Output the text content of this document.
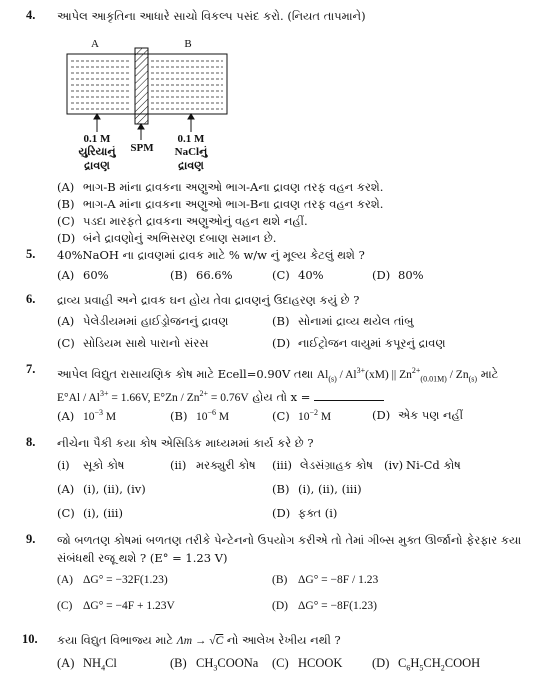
4. આપેલ આકૃતિના આધારે સાચો વિકલ્પ પસંદ કરો. (નિયત તાપમાને)
A	B
0.1 M
યુરિયાનું
દ્રાવણ
SPM
0.1 M
NaClનું
દ્રાવણ
(A) ભાગ-B માંના દ્રાવકના અણુઓ ભાગ-Aના દ્રાવણ તરફ વહન કરશે.
(B) ભાગ-A માંના દ્રાવકના અણુઓ ભાગ-Bના દ્રાવણ તરફ વહન કરશે.
(C) પડદા મારફતે દ્રાવકના અણુઓનું વહન થશે નહીં.
(D) બંને દ્રાવણોનું અભિસરણ દબાણ સમાન છે.
5. 40%NaOH ના દ્રાવણમાં દ્રાવક માટે % w/w નું મૂલ્ય કેટલું થશે ?
(A) 60%	(B) 66.6%	(C) 40%	(D) 80%
6. દ્રાવ્ય પ્રવાહી અને દ્રાવક ઘન હોય તેવા દ્રાવણનું ઉદાહરણ કયું છે ?
(A) પેલેડીયમમાં હાઈડ્રોજનનું દ્રાવણ	(B) સોનામાં દ્રાવ્ય થયેલ તાંબુ
(C) સોડિયમ સાથે પારાનો સંરસ	(D) નાઈટ્રોજન વાયુમાં કપૂરનું દ્રાવણ
7. આપેલ વિદ્યુત રાસાયણિક કોષ માટે Ecell=0.90V તથા $Al_{(s)} / Al^{3+}(xM)$ || $Zn^{2+}_{(0.01M)} / Zn_{(s)}$ માટે
$E^\circ Al / Al^{3+} = 1.66V$, $E^\circ Zn / Zn^{2+} = 0.76V$ હોય તો x =
(A) $10^{-3}$ M	(B) $10^{-6}$ M	(C) $10^{-2}$ M	(D) એક પણ નહીં
8. નીચેના પૈકી કયા કોષ એસિડિક માધ્યમમાં કાર્ય કરે છે ?
(i) સૂકો કોષ	(ii) મરક્યુરી કોષ (iii) લેડસંગ્રાહક કોષ (iv) Ni-Cd કોષ
(A) (i), (ii), (iv)	(B) (i), (ii), (iii)
(C) (i), (iii)	(D) ફક્ત (i)
9. જો બળતણ કોષમાં બળતણ તરીકે પેન્ટેનનો ઉપયોગ કરીએ તો તેમાં ગીબ્સ મુક્ત ઊર્જાનો ફેરફાર કયા
સંબંધથી રજૂ થશે ? (E° = 1.23 V)
(A) ΔG° = −32F(1.23)	(B) ΔG° = −8F / 1.23
(C) ΔG° = −4F + 1.23V	(D) ΔG° = −8F(1.23)
10. કયા વિદ્યુત વિભાજ્ય માટે Λm → √C નો આલેખ રેખીય નથી ?
(A) $NH_4Cl$	(B) $CH_3COONa$ (C) HCOOK (D) $C_6H_5CH_2COOH$
